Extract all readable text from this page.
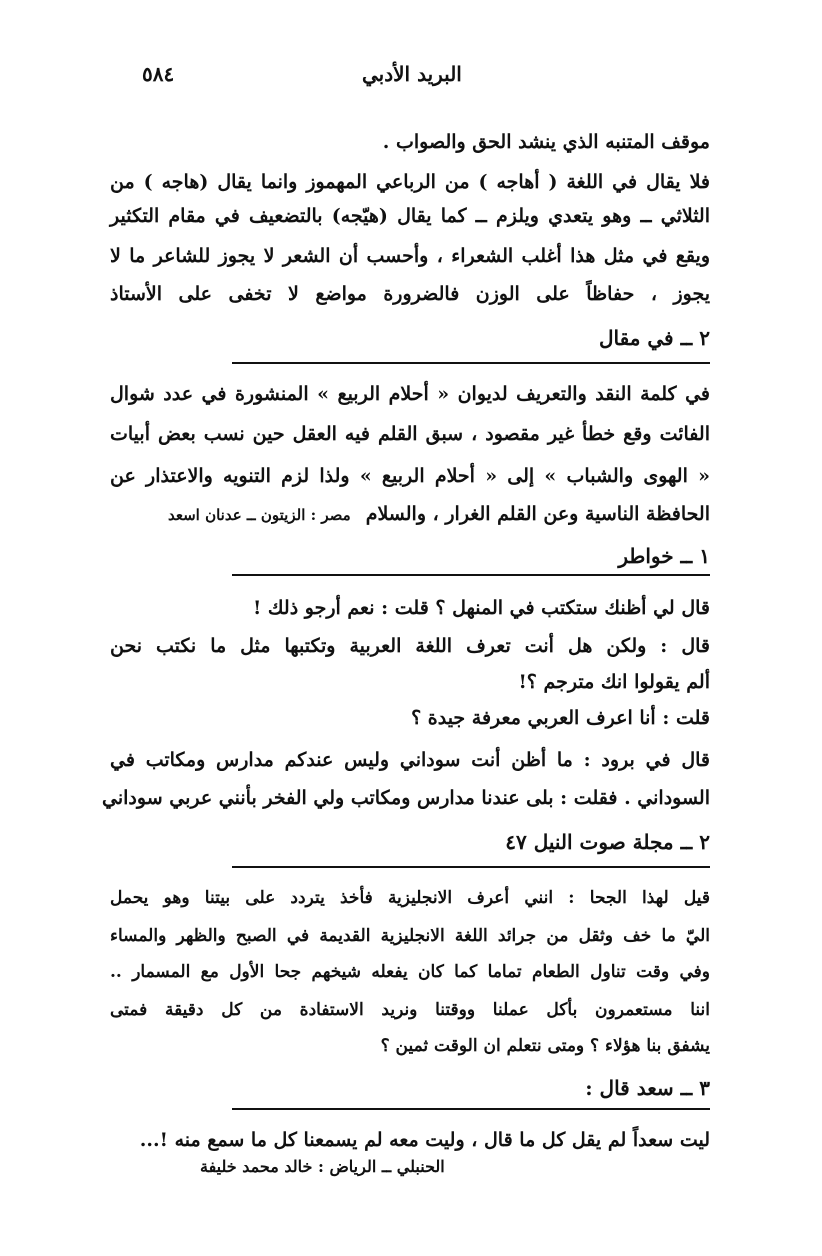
٥٨٤	البريد الأدبي
موقف المتنبه الذي ينشد الحق والصواب .
فلا يقال في اللغة ( أهاجه ) من الرباعي المهموز وانما يقال (هاجه ) من
الثلاثي ــ وهو يتعدي ويلزم ــ كما يقال (هيّجه) بالتضعيف في مقام التكثير
ويقع في مثل هذا أغلب الشعراء ، وأحسب أن الشعر لا يجوز للشاعر ما لا
يجوز ، حفاظاً على الوزن فالضرورة مواضع لا تخفى على الأستاذ
٢ ــ في مقال
في كلمة النقد والتعريف لديوان « أحلام الربيع » المنشورة في عدد شوال
الفائت وقع خطأ غير مقصود ، سبق القلم فيه العقل حين نسب بعض أبيات
« الهوى والشباب » إلى « أحلام الربيع » ولذا لزم التنويه والاعتذار عن
الحافظة الناسية وعن القلم الغرار ، والسلام
مصر : الزيتون ــ عدنان اسعد
١ ــ خواطر
قال لي أظنك ستكتب في المنهل ؟ قلت : نعم أرجو ذلك !
قال : ولكن هل أنت تعرف اللغة العربية وتكتبها مثل ما نكتب نحن
ألم يقولوا انك مترجم ؟!
قلت : أنا اعرف العربي معرفة جيدة ؟
قال في برود : ما أظن أنت سوداني وليس عندكم مدارس ومكاتب في
السوداني . فقلت : بلى عندنا مدارس ومكاتب ولي الفخر بأنني عربي سوداني
٢ ــ مجلة صوت النيل ٤٧
قيل لهذا الجحا : انني أعرف الانجليزية فأخذ يتردد على بيتنا وهو يحمل
اليّ ما خف وثقل من جرائد اللغة الانجليزية القديمة في الصبح والظهر والمساء
وفي وقت تناول الطعام تماما كما كان يفعله شيخهم جحا الأول مع المسمار ..
اننا مستعمرون بأكل عملنا ووقتنا ونريد الاستفادة من كل دقيقة فمتى
يشفق بنا هؤلاء ؟ ومتى نتعلم ان الوقت ثمين ؟
٣ ــ سعد قال :
ليت سعداً لم يقل كل ما قال ، وليت معه لم يسمعنا كل ما سمع منه !...
الحنبلي ــ الرياض : خالد محمد خليفة
